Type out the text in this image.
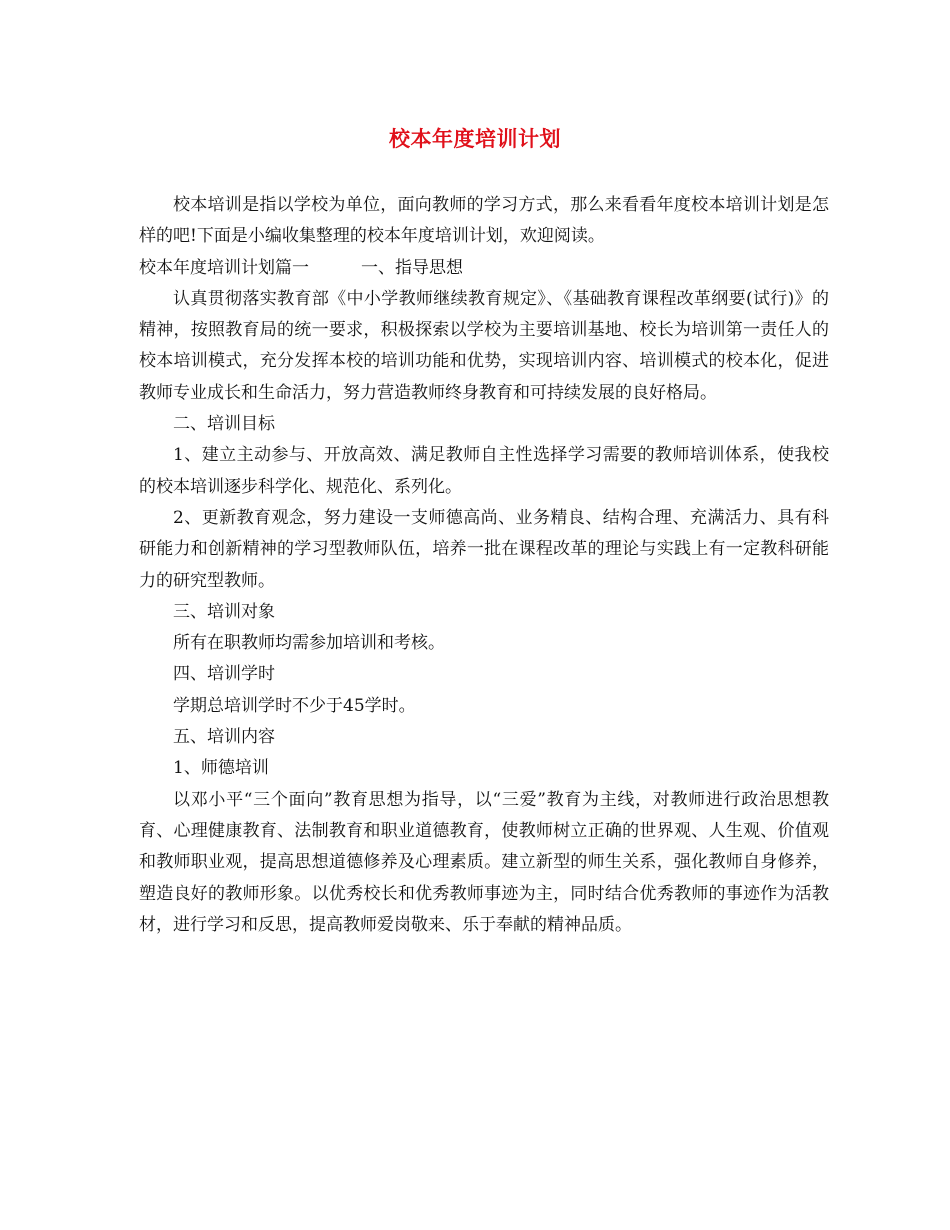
校本年度培训计划

校本培训是指以学校为单位，面向教师的学习方式，那么来看看年度校本培训计划是怎样的吧!下面是小编收集整理的校本年度培训计划，欢迎阅读。

校本年度培训计划篇一	一、指导思想

认真贯彻落实教育部《中小学教师继续教育规定》、《基础教育课程改革纲要(试行)》的精神，按照教育局的统一要求，积极探索以学校为主要培训基地、校长为培训第一责任人的校本培训模式，充分发挥本校的培训功能和优势，实现培训内容、培训模式的校本化，促进教师专业成长和生命活力，努力营造教师终身教育和可持续发展的良好格局。

二、培训目标

1、建立主动参与、开放高效、满足教师自主性选择学习需要的教师培训体系，使我校的校本培训逐步科学化、规范化、系列化。

2、更新教育观念，努力建设一支师德高尚、业务精良、结构合理、充满活力、具有科研能力和创新精神的学习型教师队伍，培养一批在课程改革的理论与实践上有一定教科研能力的研究型教师。

三、培训对象

所有在职教师均需参加培训和考核。

四、培训学时

学期总培训学时不少于45学时。

五、培训内容

1、师德培训

以邓小平“三个面向”教育思想为指导，以“三爱”教育为主线，对教师进行政治思想教育、心理健康教育、法制教育和职业道德教育，使教师树立正确的世界观、人生观、价值观和教师职业观，提高思想道德修养及心理素质。建立新型的师生关系，强化教师自身修养，塑造良好的教师形象。以优秀校长和优秀教师事迹为主，同时结合优秀教师的事迹作为活教材，进行学习和反思，提高教师爱岗敬来、乐于奉献的精神品质。
